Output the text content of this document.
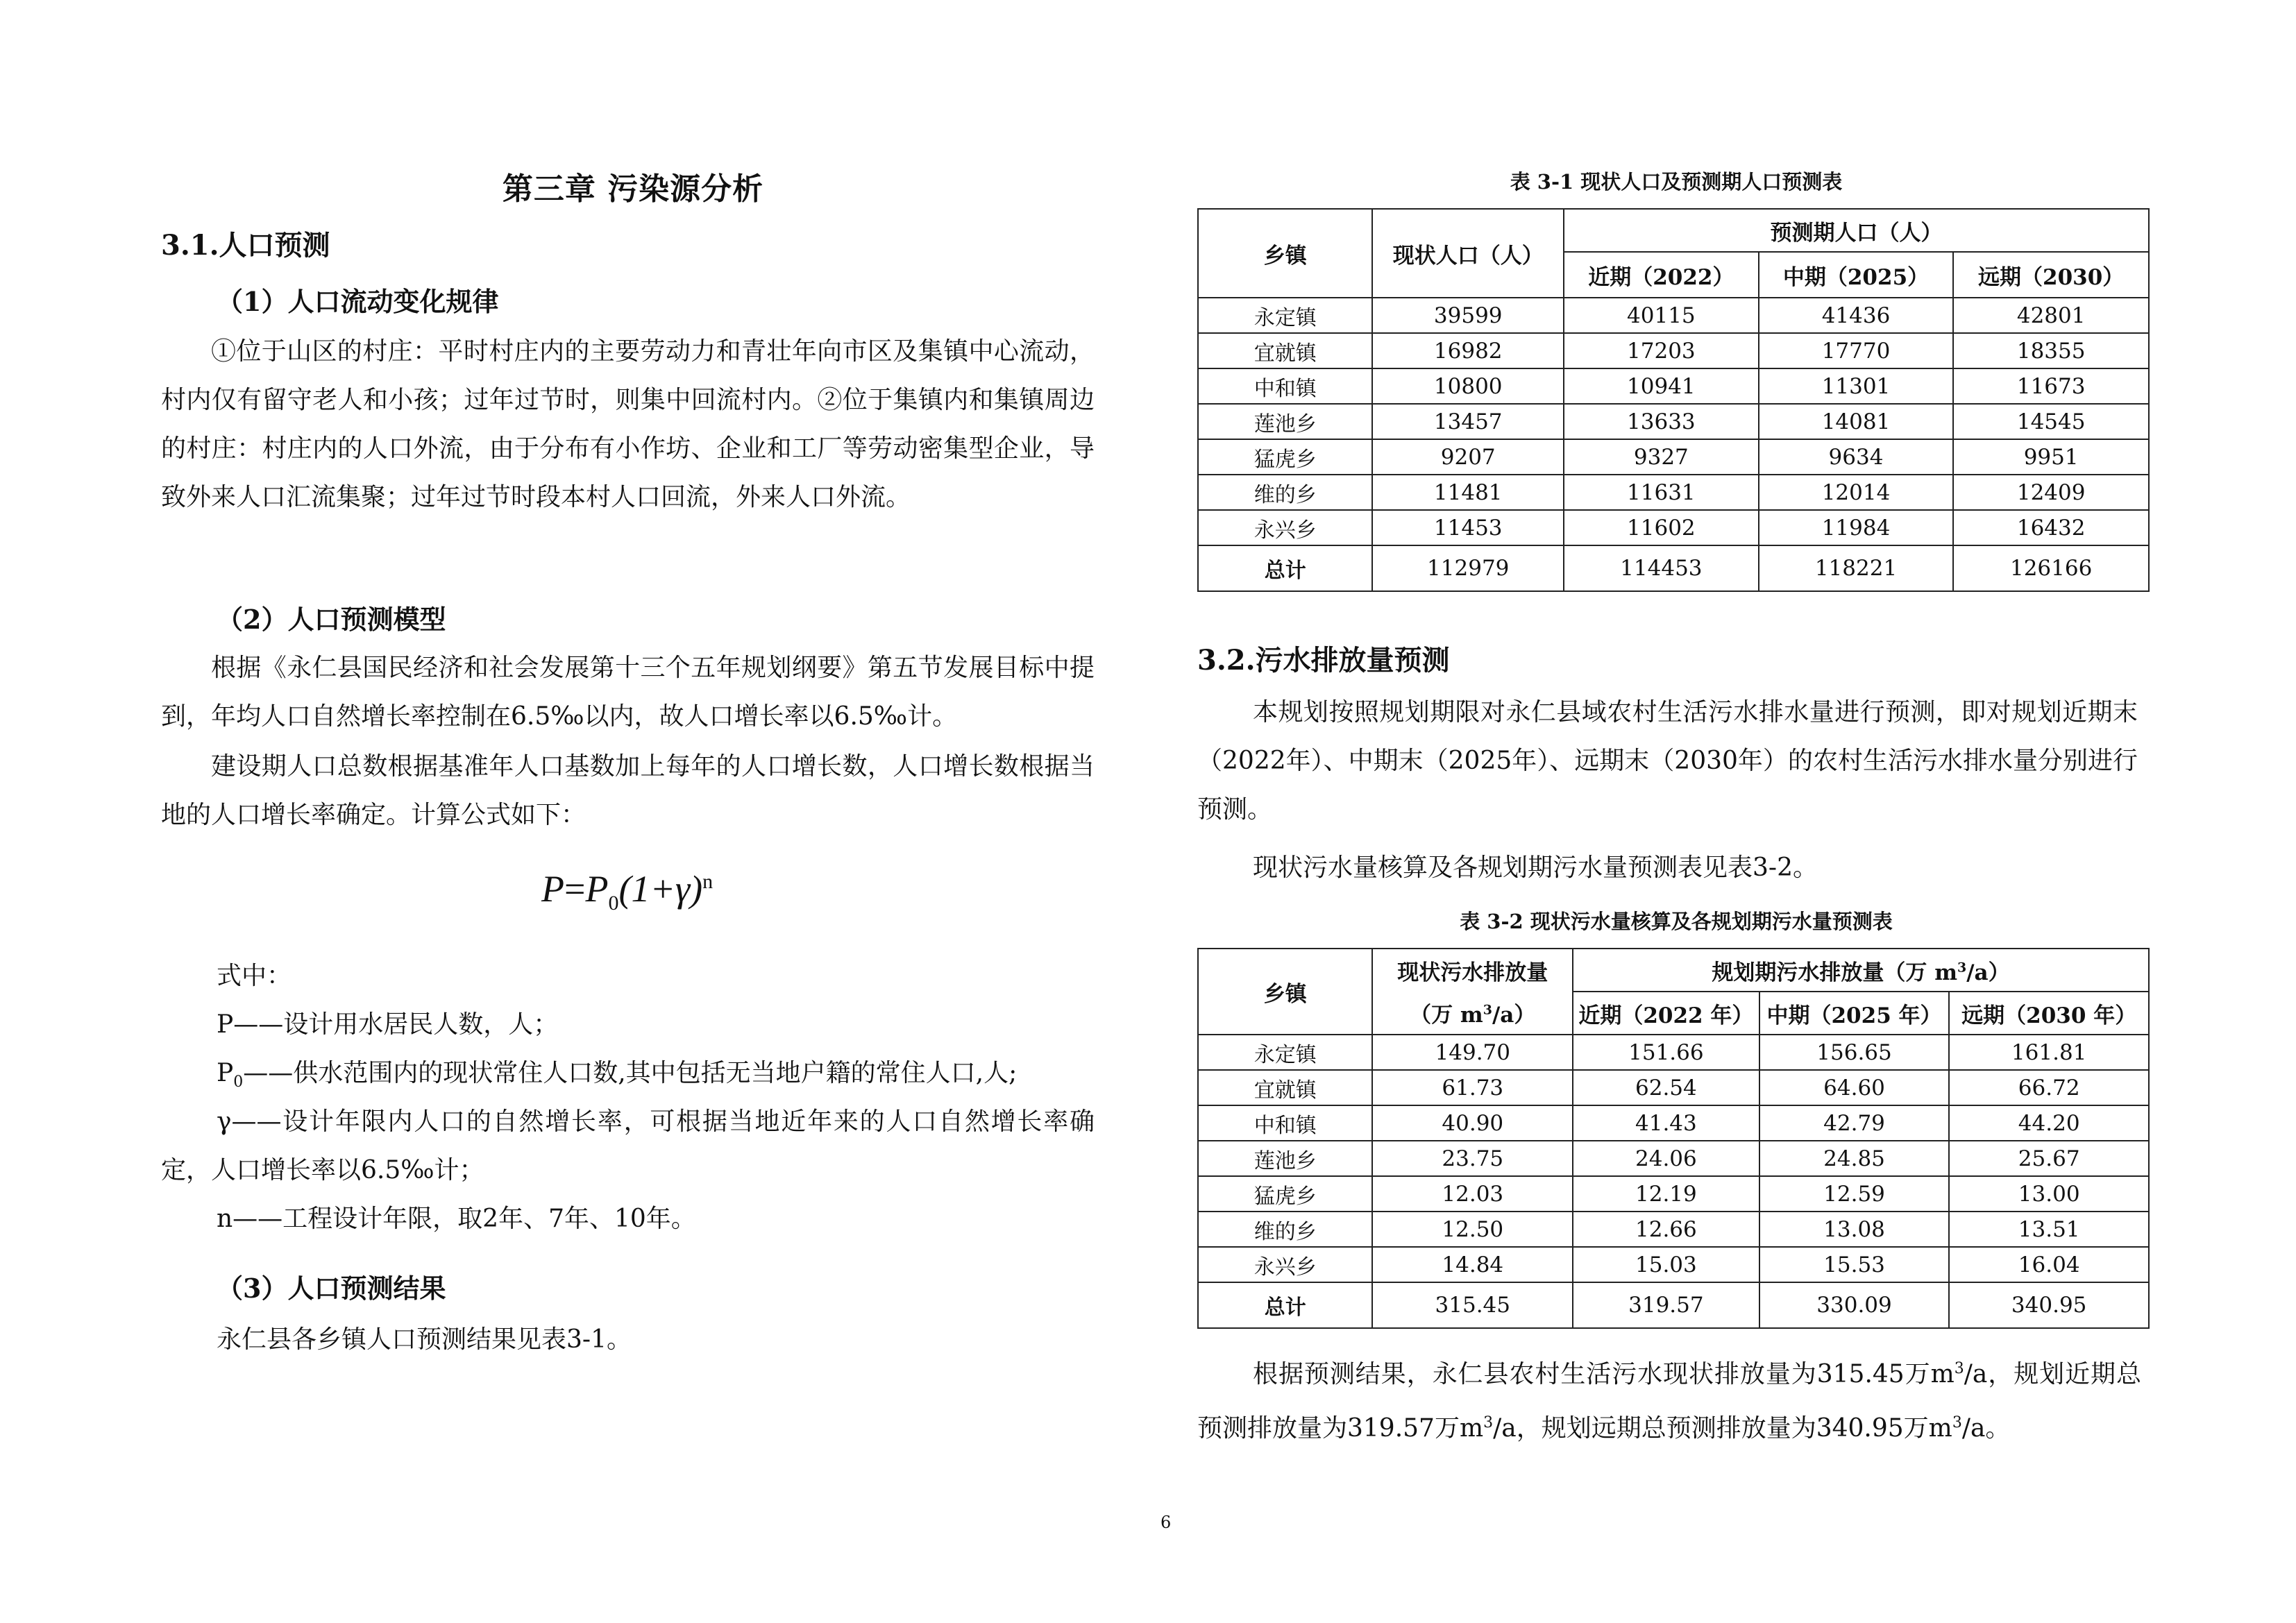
第三章 污染源分析
3.1.人口预测
（1）人口流动变化规律

①位于山区的村庄：平时村庄内的主要劳动力和青壮年向市区及集镇中心流动，村内仅有留守老人和小孩；过年过节时，则集中回流村内。②位于集镇内和集镇周边的村庄：村庄内的人口外流，由于分布有小作坊、企业和工厂等劳动密集型企业，导致外来人口汇流集聚；过年过节时段本村人口回流，外来人口外流。

（2）人口预测模型

根据《永仁县国民经济和社会发展第十三个五年规划纲要》第五节发展目标中提到，年均人口自然增长率控制在6.5‰以内，故人口增长率以6.5‰计。

建设期人口总数根据基准年人口基数加上每年的人口增长数，人口增长数根据当地的人口增长率确定。计算公式如下：

$P=P_0(1+\gamma)^n$

式中：

P——设计用水居民人数，人；

$P_0——$供水范围内的现状常住人口数,其中包括无当地户籍的常住人口,人;

γ——设计年限内人口的自然增长率，可根据当地近年来的人口自然增长率确定，人口增长率以6.5‰计；

n——工程设计年限，取2年、7年、10年。

（3）人口预测结果

永仁县各乡镇人口预测结果见表3-1。

表 3-1 现状人口及预测期人口预测表
乡镇	现状人口（人）	预测期人口（人）		
		近期（2022）	中期（2025）	远期（2030）
永定镇	39599	40115	41436	42801
宜就镇	16982	17203	17770	18355
中和镇	10800	10941	11301	11673
莲池乡	13457	13633	14081	14545
猛虎乡	9207	9327	9634	9951
维的乡	11481	11631	12014	12409
永兴乡	11453	11602	11984	16432
总计	112979	114453	118221	126166
3.2.污水排放量预测

本规划按照规划期限对永仁县域农村生活污水排水量进行预测，即对规划近期末（2022年）、中期末（2025年）、远期末（2030年）的农村生活污水排水量分别进行预测。

现状污水量核算及各规划期污水量预测表见表3-2。

表 3-2 现状污水量核算及各规划期污水量预测表
乡镇	现状污水排放量	规划期污水排放量（万 $m^3/a$）		
	（万 $m^3/a$）	近期（2022 年）	中期（2025 年）	远期（2030 年）
永定镇	149.70	151.66	156.65	161.81
宜就镇	61.73	62.54	64.60	66.72
中和镇	40.90	41.43	42.79	44.20
莲池乡	23.75	24.06	24.85	25.67
猛虎乡	12.03	12.19	12.59	13.00
维的乡	12.50	12.66	13.08	13.51
永兴乡	14.84	15.03	15.53	16.04
总计	315.45	319.57	330.09	340.95

根据预测结果，永仁县农村生活污水现状排放量为315.45万$m^3/a$，规划近期总预测排放量为319.57万$m^3/a$，规划远期总预测排放量为340.95万$m^3/a$。

6
